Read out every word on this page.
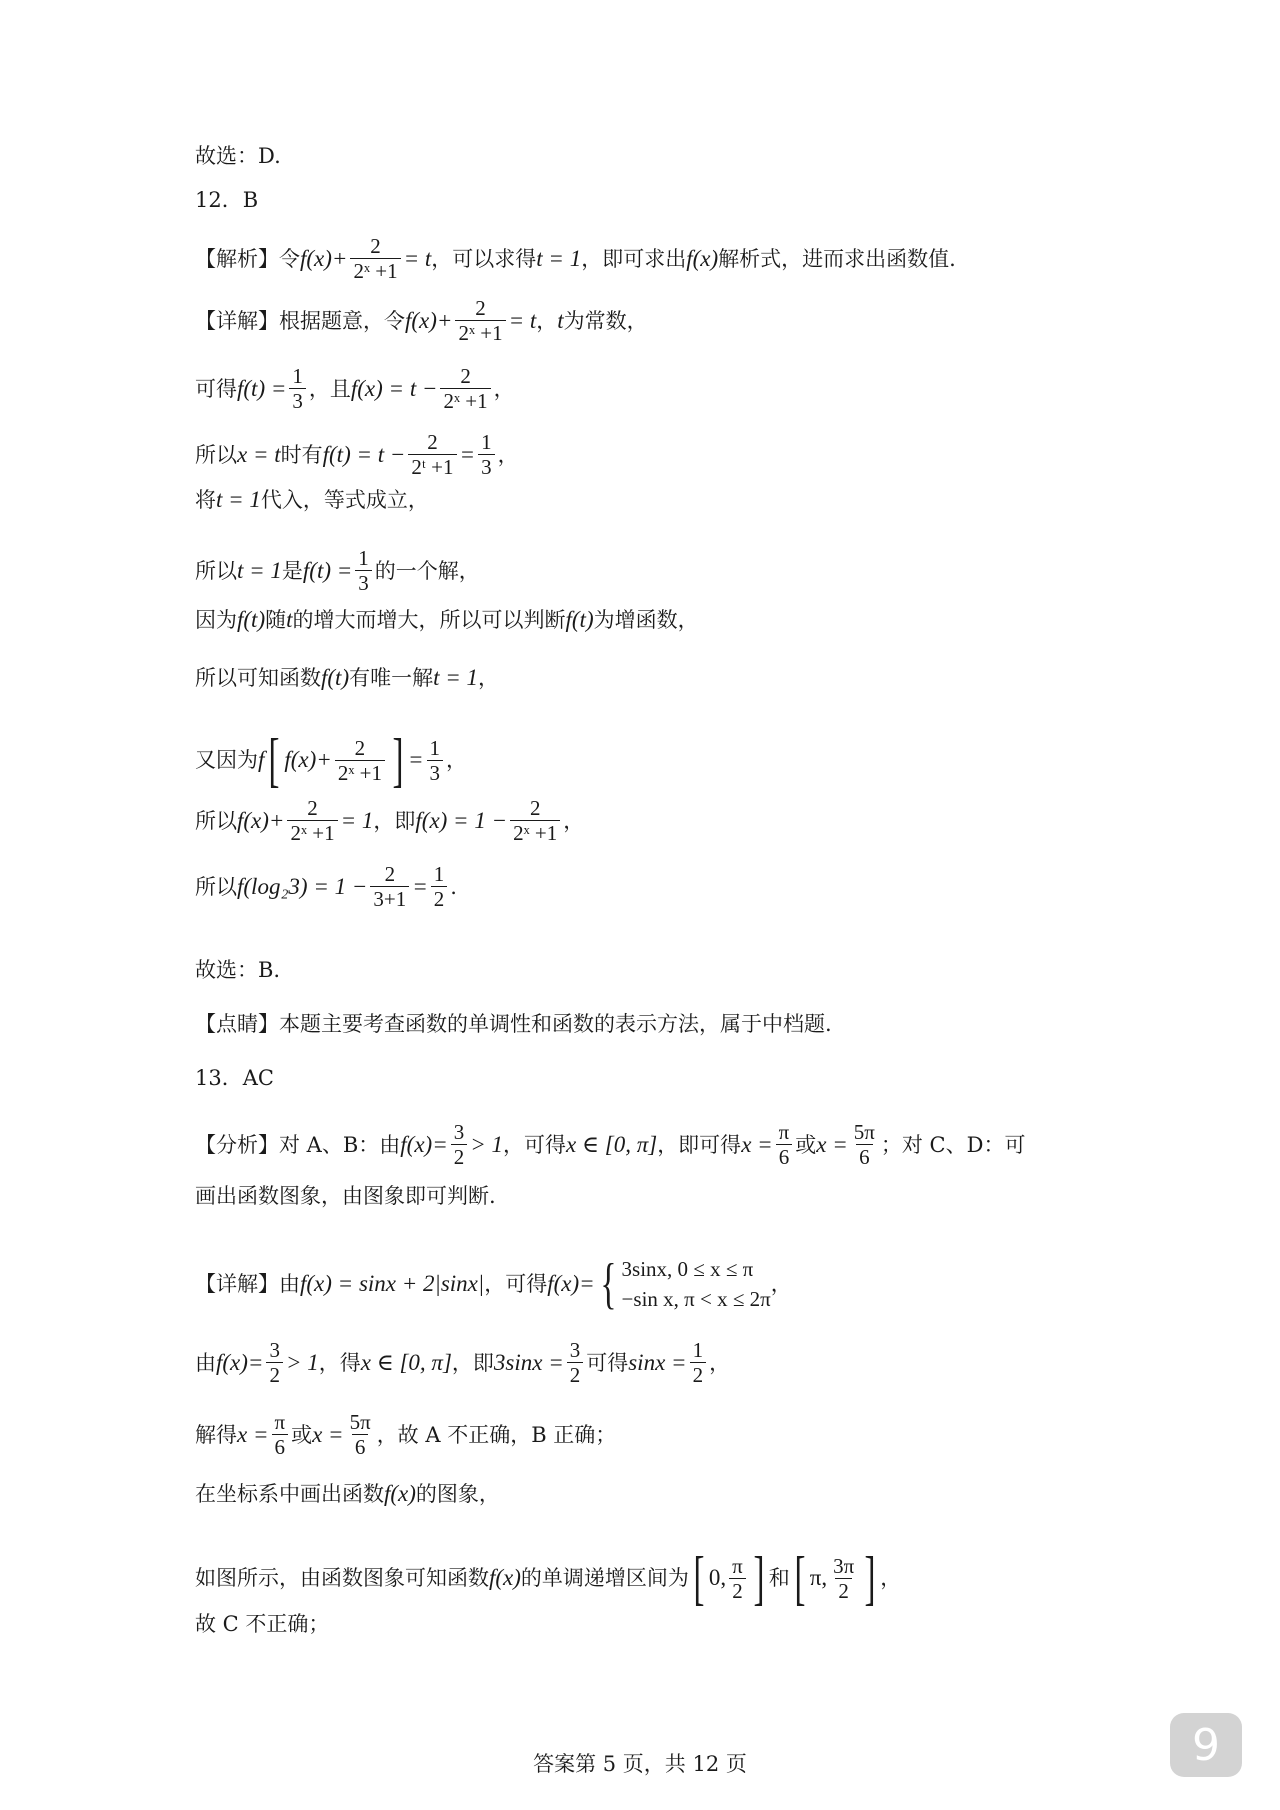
故选：D.
12．B
【解析】令 $f(x)+ \frac{2}{\text{2ˣ +1}} = t$ ，可以求得 t = 1 ，即可求出 f(x) 解析式，进而求出函数值.
【详解】根据题意，令 $f(x)+ \frac{2}{\text{2ˣ +1}} = t$ ， t 为常数，
可得 $f(t) = \frac{1}{3}$ ，且 $f(x) = t - \frac{2}{\text{2ˣ +1}}$ ，
所以 x = t 时有 $f(t) = t - \frac{2}{\text{2ᵗ +1}} = \frac{1}{3}$ ，
将 t = 1 代入，等式成立，
所以 t = 1 是 $f(t) = \frac{1}{3}$ 的一个解，
因为 f(t) 随 t 的增大而增大，所以可以判断 f(t) 为增函数，
所以可知函数 f(t) 有唯一解 t = 1 ，
又因为 f [ $f(x)+ \frac{2}{\text{2ˣ +1}}$ ] = $\frac{1}{3}$ ，
所以 $f(x)+ \frac{2}{\text{2ˣ +1}} = 1$ ，即 $f(x) = 1 - \frac{2}{\text{2ˣ +1}}$ ，
所以 $f(\log_23) = 1 - \frac{2}{3+1} = \frac{1}{2}$ .
故选：B.
【点睛】本题主要考查函数的单调性和函数的表示方法，属于中档题.
13．AC
【分析】对 A、B：由 $f(x) = \frac{3}{2} > 1$ ，可得 x ∈ [0, π] ，即可得 $x = \frac{\pi}{6}$ 或 $x = \frac{5\pi}{6}$ ；对 C、D：可
画出函数图象，由图象即可判断.
【详解】由 f(x) = sinx + 2|sinx| ，可得 f(x) = { 3sinx, 0 ≤ x ≤ π
−sin x, π < x ≤ 2π
，
由 $f(x) = \frac{3}{2} > 1$ ，得 x ∈ [0, π] ，即 $3\sin x = \frac{3}{2}$ 可得 $\sin x = \frac{1}{2}$ ，
解得 $x = \frac{\pi}{6}$ 或 $x = \frac{5\pi}{6}$ ，故 A 不正确，B 正确；
在坐标系中画出函数 f(x) 的图象，
如图所示，由函数图象可知函数 f(x) 的单调递增区间为 [ 0, $\frac{\pi}{2}$ ] 和 [ π, $\frac{3\pi}{2}$ ] ，
故 C 不正确；
答案第 5 页，共 12 页	9
